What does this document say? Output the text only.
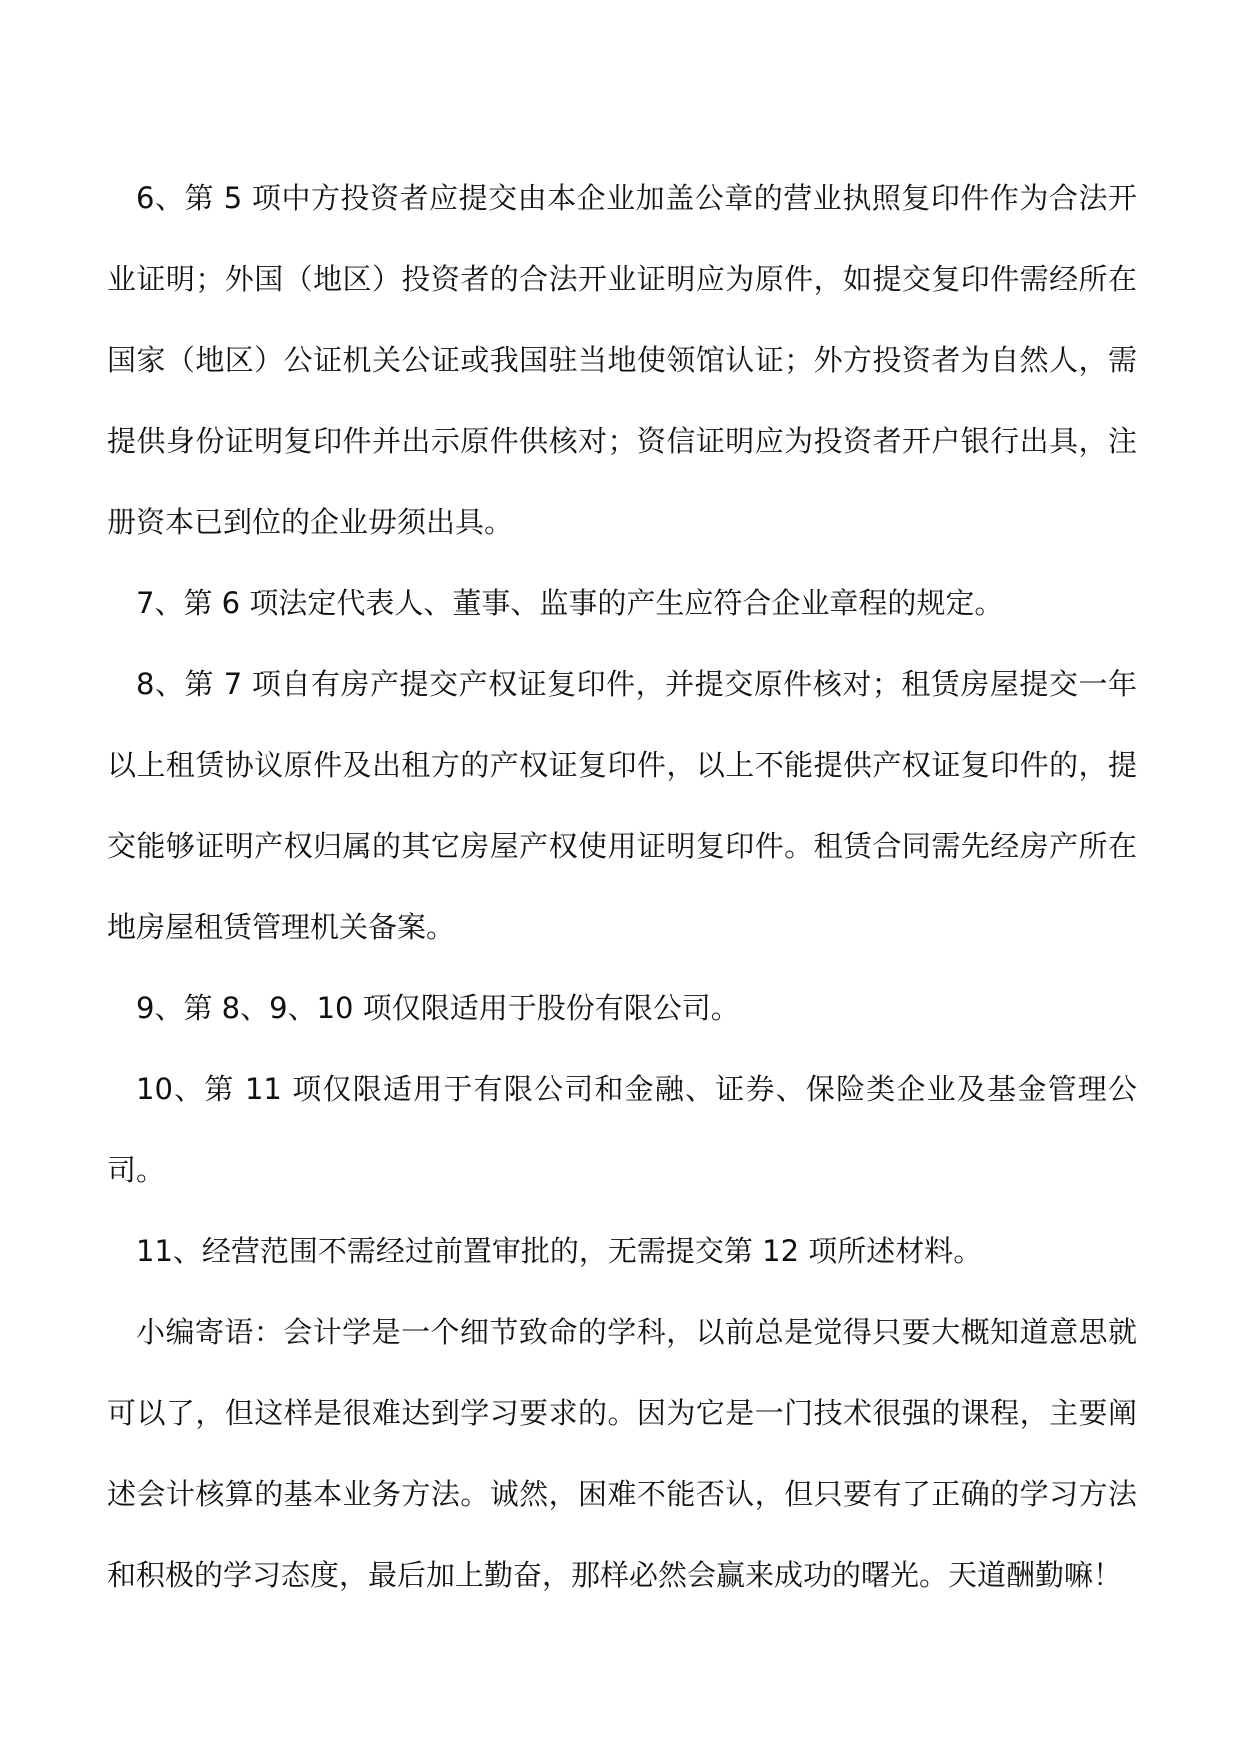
6、第 5 项中方投资者应提交由本企业加盖公章的营业执照复印件作为合法开业证明；外国（地区）投资者的合法开业证明应为原件，如提交复印件需经所在国家（地区）公证机关公证或我国驻当地使领馆认证；外方投资者为自然人，需提供身份证明复印件并出示原件供核对；资信证明应为投资者开户银行出具，注册资本已到位的企业毋须出具。

7、第 6 项法定代表人、董事、监事的产生应符合企业章程的规定。

8、第 7 项自有房产提交产权证复印件，并提交原件核对；租赁房屋提交一年以上租赁协议原件及出租方的产权证复印件，以上不能提供产权证复印件的，提交能够证明产权归属的其它房屋产权使用证明复印件。租赁合同需先经房产所在地房屋租赁管理机关备案。

9、第 8、9、10 项仅限适用于股份有限公司。

10、第 11 项仅限适用于有限公司和金融、证券、保险类企业及基金管理公司。

11、经营范围不需经过前置审批的，无需提交第 12 项所述材料。

小编寄语：会计学是一个细节致命的学科，以前总是觉得只要大概知道意思就可以了，但这样是很难达到学习要求的。因为它是一门技术很强的课程，主要阐述会计核算的基本业务方法。诚然，困难不能否认，但只要有了正确的学习方法和积极的学习态度，最后加上勤奋，那样必然会赢来成功的曙光。天道酬勤嘛！
